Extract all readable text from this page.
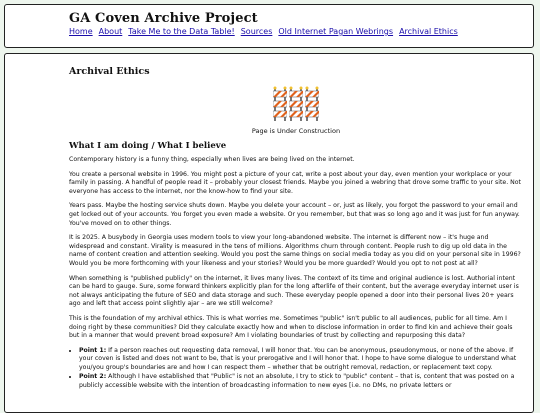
GA Coven Archive Project
Home About Take Me to the Data Table! Sources Old Internet Pagan Webrings Archival Ethics
Archival Ethics
Page is Under Construction
What I am doing / What I believe

Contemporary history is a funny thing, especially when lives are being lived on the internet.

You create a personal website in 1996. You might post a picture of your cat, write a post about your day, even mention your workplace or your family in passing. A handful of people read it – probably your closest friends. Maybe you joined a webring that drove some traffic to your site. Not everyone has access to the internet, nor the know-how to find your site.

Years pass. Maybe the hosting service shuts down. Maybe you delete your account – or, just as likely, you forgot the password to your email and get locked out of your accounts. You forget you even made a website. Or you remember, but that was so long ago and it was just for fun anyway. You've moved on to other things.

It is 2025. A busybody in Georgia uses modern tools to view your long-abandoned website. The internet is different now – it's huge and widespread and constant. Virality is measured in the tens of millions. Algorithms churn through content. People rush to dig up old data in the name of content creation and attention seeking. Would you post the same things on social media today as you did on your personal site in 1996? Would you be more forthcoming with your likeness and your stories? Would you be more guarded? Would you opt to not post at all?

When something is "published publicly" on the internet, it lives many lives. The context of its time and original audience is lost. Authorial intent can be hard to gauge. Sure, some forward thinkers explicitly plan for the long afterlife of their content, but the average everyday internet user is not always anticipating the future of SEO and data storage and such. These everyday people opened a door into their personal lives 20+ years ago and left that access point slightly ajar – are we still welcome?

This is the foundation of my archival ethics. This is what worries me. Sometimes "public" isn't public to all audiences, public for all time. Am I doing right by these communities? Did they calculate exactly how and when to disclose information in order to find kin and achieve their goals but in a manner that would prevent broad exposure? Am I violating boundaries of trust by collecting and repurposing this data?

• Point 1: If a person reaches out requesting data removal, I will honor that. You can be anonymous, pseudonymous, or none of the above. If your coven is listed and does not want to be, that is your prerogative and I will honor that. I hope to have some dialogue to understand what you/you group's boundaries are and how I can respect them – whether that be outright removal, redaction, or replacement text copy.
• Point 2: Although I have established that "Public" is not an absolute, I try to stick to "public" content – that is, content that was posted on a publicly accessible website with the intention of broadcasting information to new eyes [i.e. no DMs, no private letters or
